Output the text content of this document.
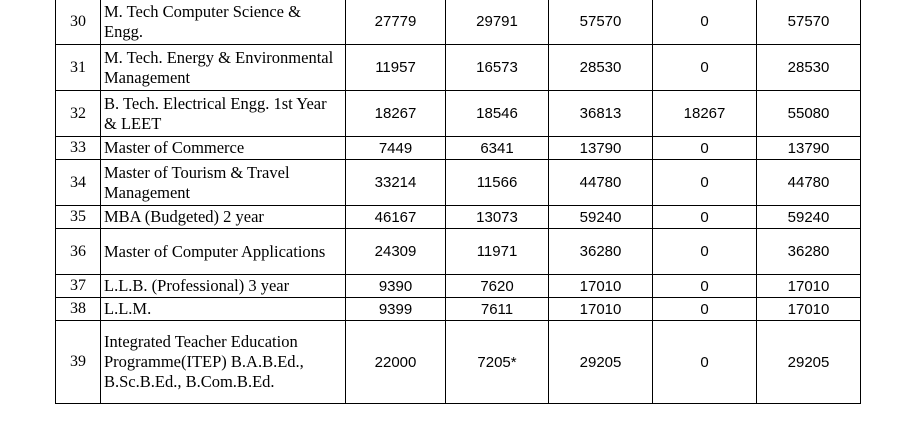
30	M. Tech Computer Science & Engg.	27779	29791	57570	0	57570
31	M. Tech. Energy & Environmental Management	11957	16573	28530	0	28530
32	B. Tech. Electrical Engg. 1st Year & LEET	18267	18546	36813	18267	55080
33	Master of Commerce	7449	6341	13790	0	13790
34	Master of Tourism & Travel Management	33214	11566	44780	0	44780
35	MBA (Budgeted) 2 year	46167	13073	59240	0	59240
36	Master of Computer Applications	24309	11971	36280	0	36280
37	L.L.B. (Professional) 3 year	9390	7620	17010	0	17010
38	L.L.M.	9399	7611	17010	0	17010
39	Integrated Teacher Education Programme(ITEP) B.A.B.Ed., B.Sc.B.Ed., B.Com.B.Ed.	22000	7205*	29205	0	29205
